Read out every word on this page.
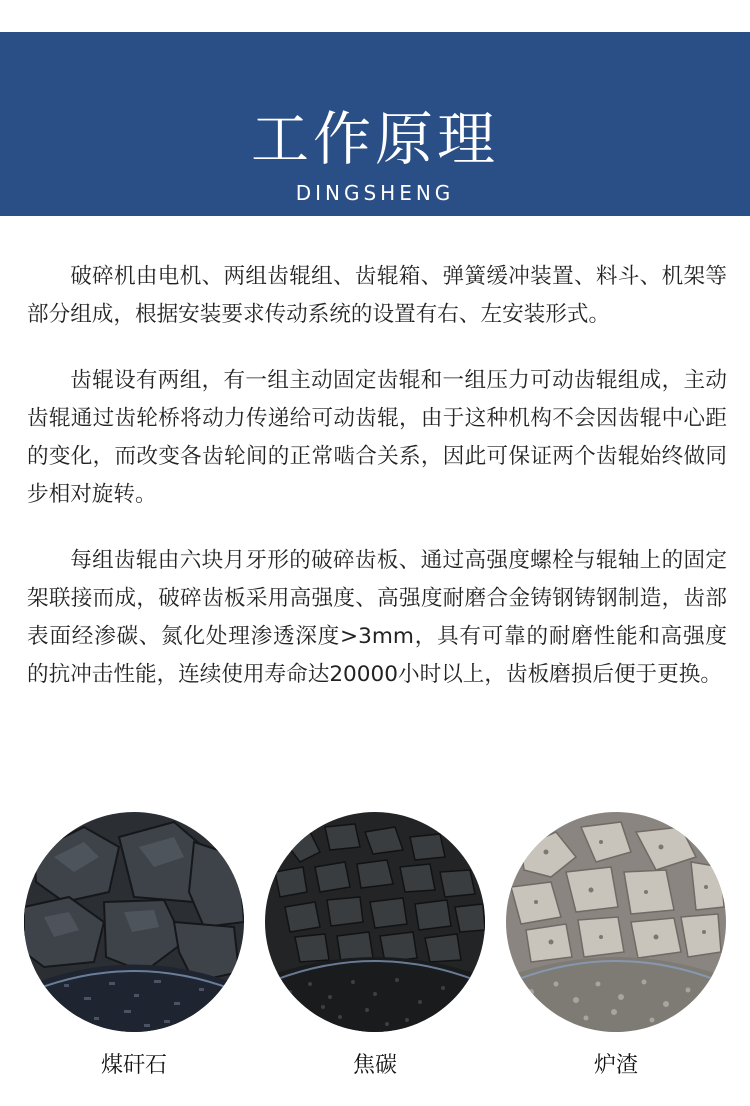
工作原理
DINGSHENG

破碎机由电机、两组齿辊组、齿辊箱、弹簧缓冲装置、料斗、机架等部分组成，根据安装要求传动系统的设置有右、左安装形式。

齿辊设有两组，有一组主动固定齿辊和一组压力可动齿辊组成，主动齿辊通过齿轮桥将动力传递给可动齿辊，由于这种机构不会因齿辊中心距的变化，而改变各齿轮间的正常啮合关系，因此可保证两个齿辊始终做同步相对旋转。

每组齿辊由六块月牙形的破碎齿板、通过高强度螺栓与辊轴上的固定架联接而成，破碎齿板采用高强度、高强度耐磨合金铸钢铸钢制造，齿部表面经渗碳、氮化处理渗透深度>3mm，具有可靠的耐磨性能和高强度的抗冲击性能，连续使用寿命达20000小时以上，齿板磨损后便于更换。

煤矸石	焦碳	炉渣
